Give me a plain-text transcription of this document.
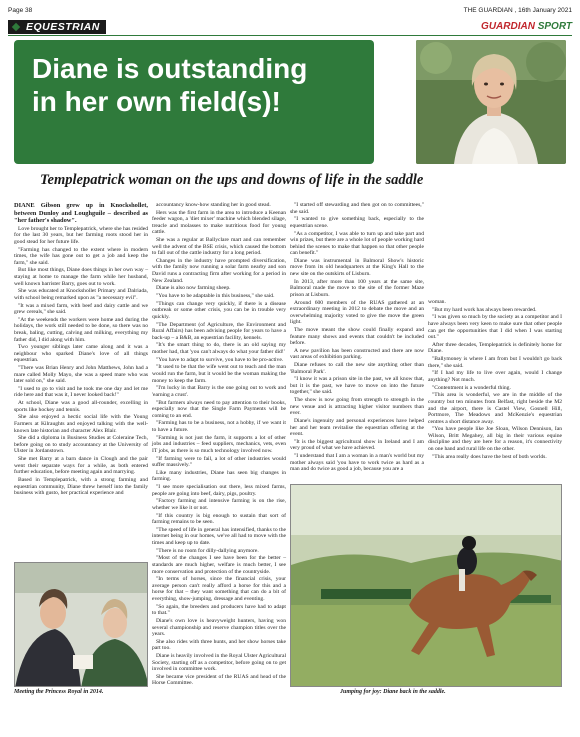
Page 38	THE GUARDIAN , 16th January 2021
EQUESTRIAN	GUARDIAN SPORT
Diane is outstanding
in her own field(s)!
Templepatrick woman on the ups and downs of life in the saddle

DIANE Gibson grew up in Knockshollet, between Dunloy and Loughguile – described as "her father's shadow".

Love brought her to Templepatrick, where she has resided for the last 30 years, but her farming roots stood her in good stead for her future life.

"Farming has changed to the extent where in modern times, the wife has gone out to get a job and keep the farm," she said.

But like most things, Diane does things in her own way – staying at home to manage the farm while her husband, well known barrister Barry, goes out to work.

She was educated at Knockshollet Primary and Dalriada, with school being remarked upon as "a necessary evil".

"It was a mixed farm, with beef and dairy cattle and we grew cereals," she said.

"At the weekends the workers were home and during the holidays, the work still needed to be done, so there was no break, baling, cutting, calving and milking, everything my father did, I did along with him.

Two younger siblings later came along and it was a neighbour who sparked Diane's love of all things equestrian.

"There was Brian Henry and John Matthews, John had a mare called Molly Mayo, she was a speed mare who was later sold on," she said.

"I used to go to visit and he took me one day and let me ride here and that was it, I never looked back!"

At school, Diane was a good all-rounder, excelling in sports like hockey and tennis.

She also enjoyed a hectic social life with the Young Farmers at Kilraughts and enjoyed talking with the well-known late historian and character Alex Blair.

She did a diploma in Business Studies at Coleraine Tech, before going on to study accountancy at the University of Ulster in Jordanstown.

She met Barry at a barn dance in Clough and the pair went their separate ways for a while, as both entered further education, before meeting again and marrying.

Based in Templepatrick, with a strong farming and equestrian community, Diane threw herself into the family business with gusto, her practical experience and

accountancy know-how standing her in good stead.

Hers was the first farm in the area to introduce a Keenan feeder wagon, a 'diet mixer' machine which blended silage, treacle and molasses to make nutritious food for young cattle.

She was a regular at Ballyclare mart and can remember well the advent of the BSE crisis, which caused the bottom to fall out of the cattle industry for a long period.

Changes in the industry have prompted diversification, with the family now running a solar farm nearby and son David runs a contracting firm after working for a period in New Zealand.

Diane is also now farming sheep.

"You have to be adaptable in this business," she said.

"Things can change very quickly, if there is a disease outbreak or some other crisis, you can be in trouble very quickly.

"The Department (of Agriculture, the Environment and Rural Affairs) has been advising people for years to have a back-up – a B&B, an equestrian facility, kennels.

"It's the smart thing to do, there is an old saying my mother had, that 'you can't always do what your father did!'

"You have to adapt to survive, you have to be pro-active.

"It used to be that the wife went out to teach and the man would run the farm, but it would be the woman making the money to keep the farm.

"I'm lucky in that Barry is the one going out to work and 'earning a crust'.

"But farmers always need to pay attention to their books, especially now that the Single Farm Payments will be coming to an end.

"Farming has to be a business, not a hobby, if we want it to have a future.

"Farming is not just the farm, it supports a lot of other jobs and industries – feed suppliers, mechanics, vets, even IT jobs, as there is so much technology involved now.

"If farming were to fail, a lot of other industries would suffer massively."

Like many industries, Diane has seen big changes in farming.

"I see more specialisation out there, less mixed farms, people are going into beef, dairy, pigs, poultry.

"Factory farming and intensive farming is on the rise, whether we like it or not.

"If this country is big enough to sustain that sort of farming remains to be seen.

"The speed of life in general has intensified, thanks to the internet being in our homes, we've all had to move with the times and keep up to date.

"There is no room for dilly-dallying anymore.

"Most of the changes I see have been for the better – standards are much higher, welfare is much better, I see more conservation and protection of the countryside.

"In terms of horses, since the financial crisis, your average person can't really afford a horse for this and a horse for that – they want something that can do a bit of everything, show-jumping, dressage and eventing.

"So again, the breeders and producers have had to adapt to that."

Diane's own love is heavyweight hunters, having won several championship and reserve champion titles over the years.

She also rides with three hunts, and her show horses take part too.

Diane is heavily involved in the Royal Ulster Agricultural Society, starting off as a competitor, before going on to get involved in committee work.

She became vice president of the RUAS and head of the Horse Committee.

"I started off stewarding and then got on to committees," she said.

"I wanted to give something back, especially to the equestrian scene.

"As a competitor, I was able to turn up and take part and win prizes, but there are a whole lot of people working hard behind the scenes to make that happen so that other people can benefit."

Diane was instrumental in Balmoral Show's historic move from its old headquarters at the King's Hall to the new site on the outskirts of Lisburn.

In 2013, after more than 100 years at the same site, Balmoral made the move to the site of the former Maze prison at Lisburn.

Around 600 members of the RUAS gathered at an extraordinary meeting in 2012 to debate the move and an overwhelming majority voted to give the move the green light.

The move meant the show could finally expand and feature many shows and events that couldn't be included before.

A new pavilion has been constructed and there are now vast areas of exhibition parking.

Diane refuses to call the new site anything other than 'Balmoral Park'.

"I know it was a prison site in the past, we all know that, but it is the past, we have to move on into the future together," she said.

The show is now going from strength to strength in the new venue and is attracting higher visitor numbers than ever.

Diane's ingenuity and personal experiences have helped her and her team revitalise the equestrian offering at the event.

"It is the biggest agricultural show in Ireland and I am very proud of what we have achieved.

"I understand that I am a woman in a man's world but my mother always said 'you have to work twice as hard as a man and do twice as good a job, because you are a

woman.

"But my hard work has always been rewarded.

"I was given so much by the society as a competitor and I have always been very keen to make sure that other people can get the opportunities that I did when I was starting out."

After three decades, Templepatrick is definitely home for Diane.

"Ballymoney is where I am from but I wouldn't go back there," she said.

"If I had my life to live over again, would I change anything? Not much.

"Contentment is a wonderful thing.

"This area is wonderful, we are in the middle of the country but ten minutes from Belfast, right beside the M2 and the airport, there is Castel View, Gosnell Hill, Portmore, The Meadows and McKenzie's equestrian centres a short distance away.

"You have people like Joe Sloan, Wilson Dennison, Ian Wilson, Britt Megahey, all big in their various equine discipline and they are here for a reason, it's connectivity on one hand and rural life on the other.

"This area really does have the best of both worlds.

Meeting the Princess Royal in 2014.	Jumping for joy: Diane back in the saddle.
